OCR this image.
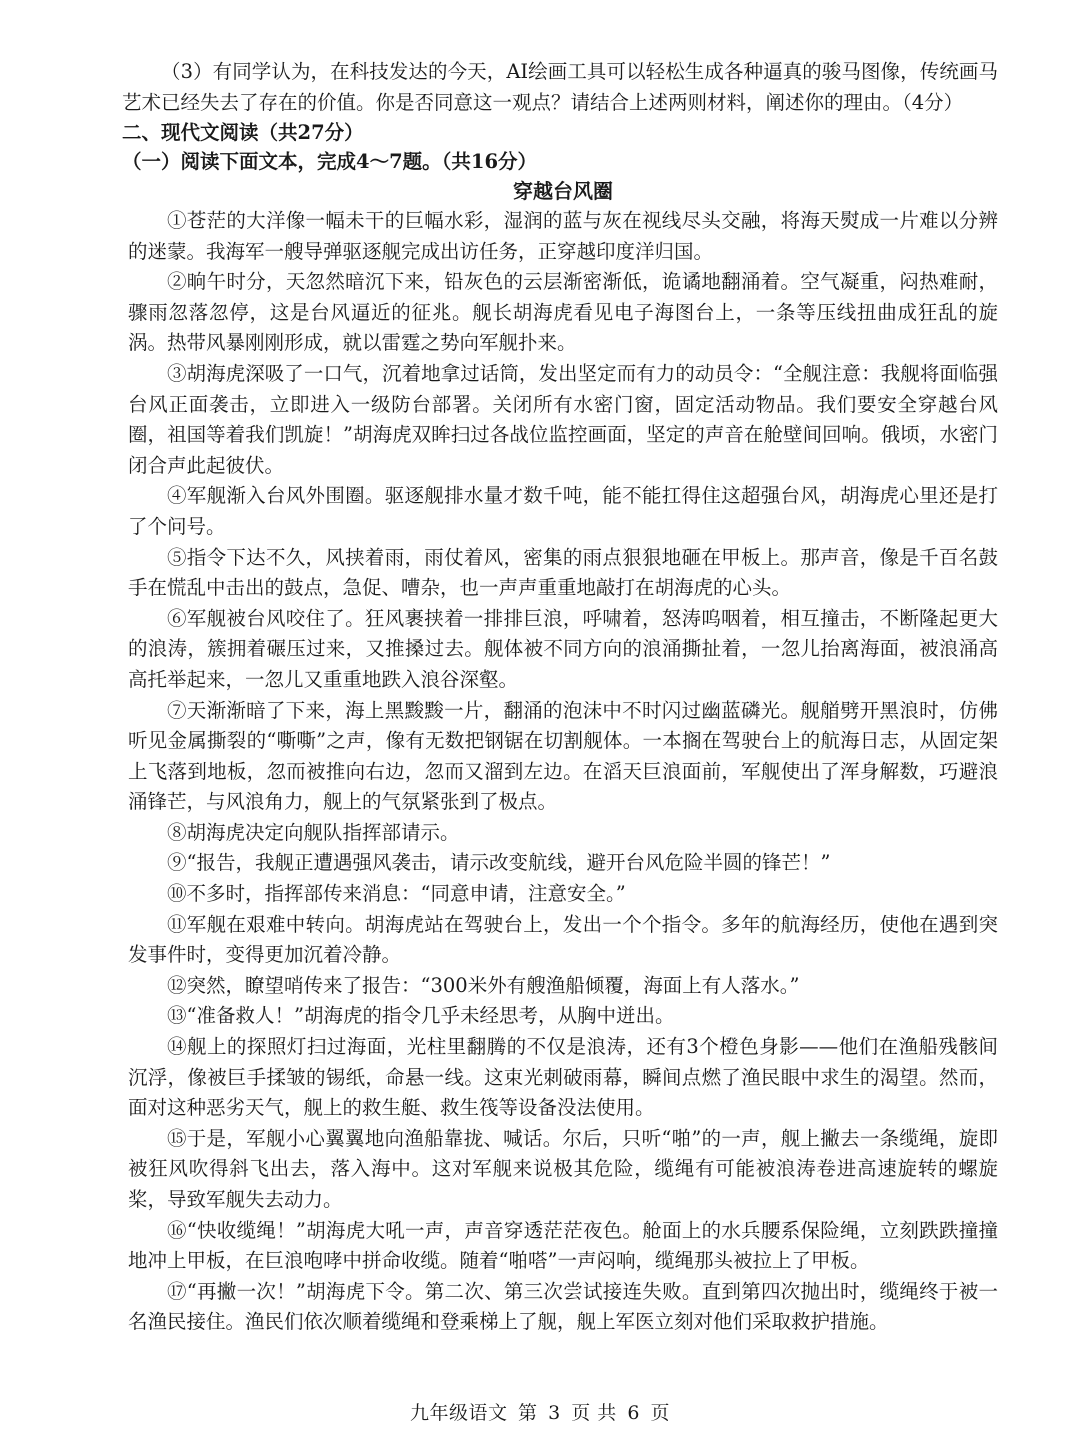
（3）有同学认为，在科技发达的今天，AI绘画工具可以轻松生成各种逼真的骏马图像，传统画马艺术已经失去了存在的价值。你是否同意这一观点？请结合上述两则材料，阐述你的理由。（4分）
二、现代文阅读（共27分）
（一）阅读下面文本，完成4～7题。（共16分）
穿越台风圈

①苍茫的大洋像一幅未干的巨幅水彩，湿润的蓝与灰在视线尽头交融，将海天熨成一片难以分辨的迷蒙。我海军一艘导弹驱逐舰完成出访任务，正穿越印度洋归国。

②晌午时分，天忽然暗沉下来，铅灰色的云层渐密渐低，诡谲地翻涌着。空气凝重，闷热难耐，骤雨忽落忽停，这是台风逼近的征兆。舰长胡海虎看见电子海图台上，一条等压线扭曲成狂乱的旋涡。热带风暴刚刚形成，就以雷霆之势向军舰扑来。

③胡海虎深吸了一口气，沉着地拿过话筒，发出坚定而有力的动员令：“全舰注意：我舰将面临强台风正面袭击，立即进入一级防台部署。关闭所有水密门窗，固定活动物品。我们要安全穿越台风圈，祖国等着我们凯旋！”胡海虎双眸扫过各战位监控画面，坚定的声音在舱壁间回响。俄顷，水密门闭合声此起彼伏。

④军舰渐入台风外围圈。驱逐舰排水量才数千吨，能不能扛得住这超强台风，胡海虎心里还是打了个问号。

⑤指令下达不久，风挟着雨，雨仗着风，密集的雨点狠狠地砸在甲板上。那声音，像是千百名鼓手在慌乱中击出的鼓点，急促、嘈杂，也一声声重重地敲打在胡海虎的心头。

⑥军舰被台风咬住了。狂风裹挟着一排排巨浪，呼啸着，怒涛呜咽着，相互撞击，不断隆起更大的浪涛，簇拥着碾压过来，又推搡过去。舰体被不同方向的浪涌撕扯着，一忽儿抬离海面，被浪涌高高托举起来，一忽儿又重重地跌入浪谷深壑。

⑦天渐渐暗了下来，海上黑黢黢一片，翻涌的泡沫中不时闪过幽蓝磷光。舰艏劈开黑浪时，仿佛听见金属撕裂的“嘶嘶”之声，像有无数把钢锯在切割舰体。一本搁在驾驶台上的航海日志，从固定架上飞落到地板，忽而被推向右边，忽而又溜到左边。在滔天巨浪面前，军舰使出了浑身解数，巧避浪涌锋芒，与风浪角力，舰上的气氛紧张到了极点。

⑧胡海虎决定向舰队指挥部请示。

⑨“报告，我舰正遭遇强风袭击，请示改变航线，避开台风危险半圆的锋芒！”

⑩不多时，指挥部传来消息：“同意申请，注意安全。”

⑪军舰在艰难中转向。胡海虎站在驾驶台上，发出一个个指令。多年的航海经历，使他在遇到突发事件时，变得更加沉着冷静。

⑫突然，瞭望哨传来了报告：“300米外有艘渔船倾覆，海面上有人落水。”

⑬“准备救人！”胡海虎的指令几乎未经思考，从胸中迸出。

⑭舰上的探照灯扫过海面，光柱里翻腾的不仅是浪涛，还有3个橙色身影——他们在渔船残骸间沉浮，像被巨手揉皱的锡纸，命悬一线。这束光刺破雨幕，瞬间点燃了渔民眼中求生的渴望。然而，面对这种恶劣天气，舰上的救生艇、救生筏等设备没法使用。

⑮于是，军舰小心翼翼地向渔船靠拢、喊话。尔后，只听“啪”的一声，舰上撇去一条缆绳，旋即被狂风吹得斜飞出去，落入海中。这对军舰来说极其危险，缆绳有可能被浪涛卷进高速旋转的螺旋桨，导致军舰失去动力。

⑯“快收缆绳！”胡海虎大吼一声，声音穿透茫茫夜色。舱面上的水兵腰系保险绳，立刻跌跌撞撞地冲上甲板，在巨浪咆哮中拼命收缆。随着“啪嗒”一声闷响，缆绳那头被拉上了甲板。

⑰“再撇一次！”胡海虎下令。第二次、第三次尝试接连失败。直到第四次抛出时，缆绳终于被一名渔民接住。渔民们依次顺着缆绳和登乘梯上了舰，舰上军医立刻对他们采取救护措施。

九年级语文 第 3 页 共 6 页
